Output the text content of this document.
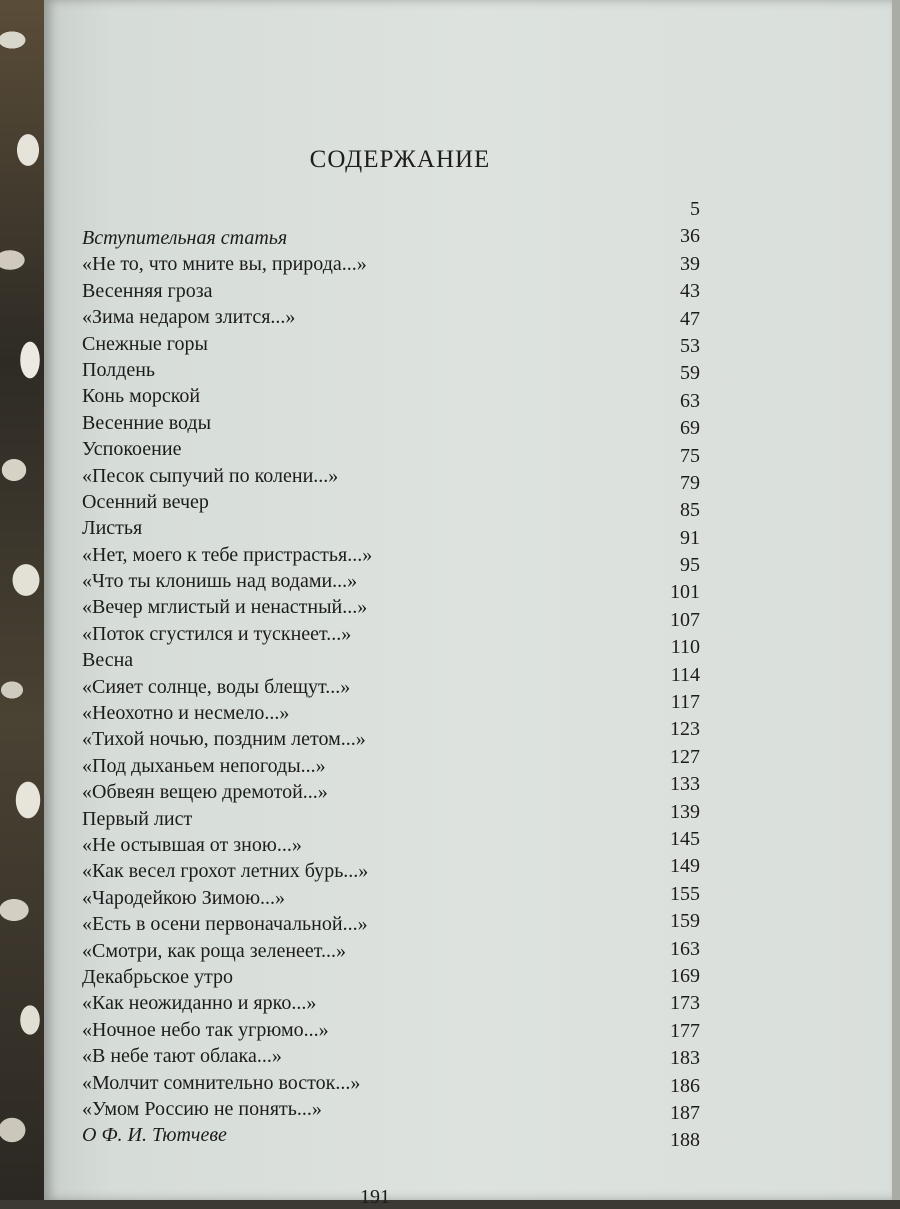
СОДЕРЖАНИЕ
Вступительная статья
«Не то, что мните вы, природа...»
Весенняя гроза
«Зима недаром злится...»
Снежные горы
Полдень
Конь морской
Весенние воды
Успокоение
«Песок сыпучий по колени...»
Осенний вечер
Листья
«Нет, моего к тебе пристрастья...»
«Что ты клонишь над водами...»
«Вечер мглистый и ненастный...»
«Поток сгустился и тускнеет...»
Весна
«Сияет солнце, воды блещут...»
«Неохотно и несмело...»
«Тихой ночью, поздним летом...»
«Под дыханьем непогоды...»
«Обвеян вещею дремотой...»
Первый лист
«Не остывшая от зною...»
«Как весел грохот летних бурь...»
«Чародейкою Зимою...»
«Есть в осени первоначальной...»
«Смотри, как роща зеленеет...»
Декабрьское утро
«Как неожиданно и ярко...»
«Ночное небо так угрюмо...»
«В небе тают облака...»
«Молчит сомнительно восток...»
«Умом Россию не понять...»
О Ф. И. Тютчеве
5
36
39
43
47
53
59
63
69
75
79
85
91
95
101
107
110
114
117
123
127
133
139
145
149
155
159
163
169
173
177
183
186
187
188
191
